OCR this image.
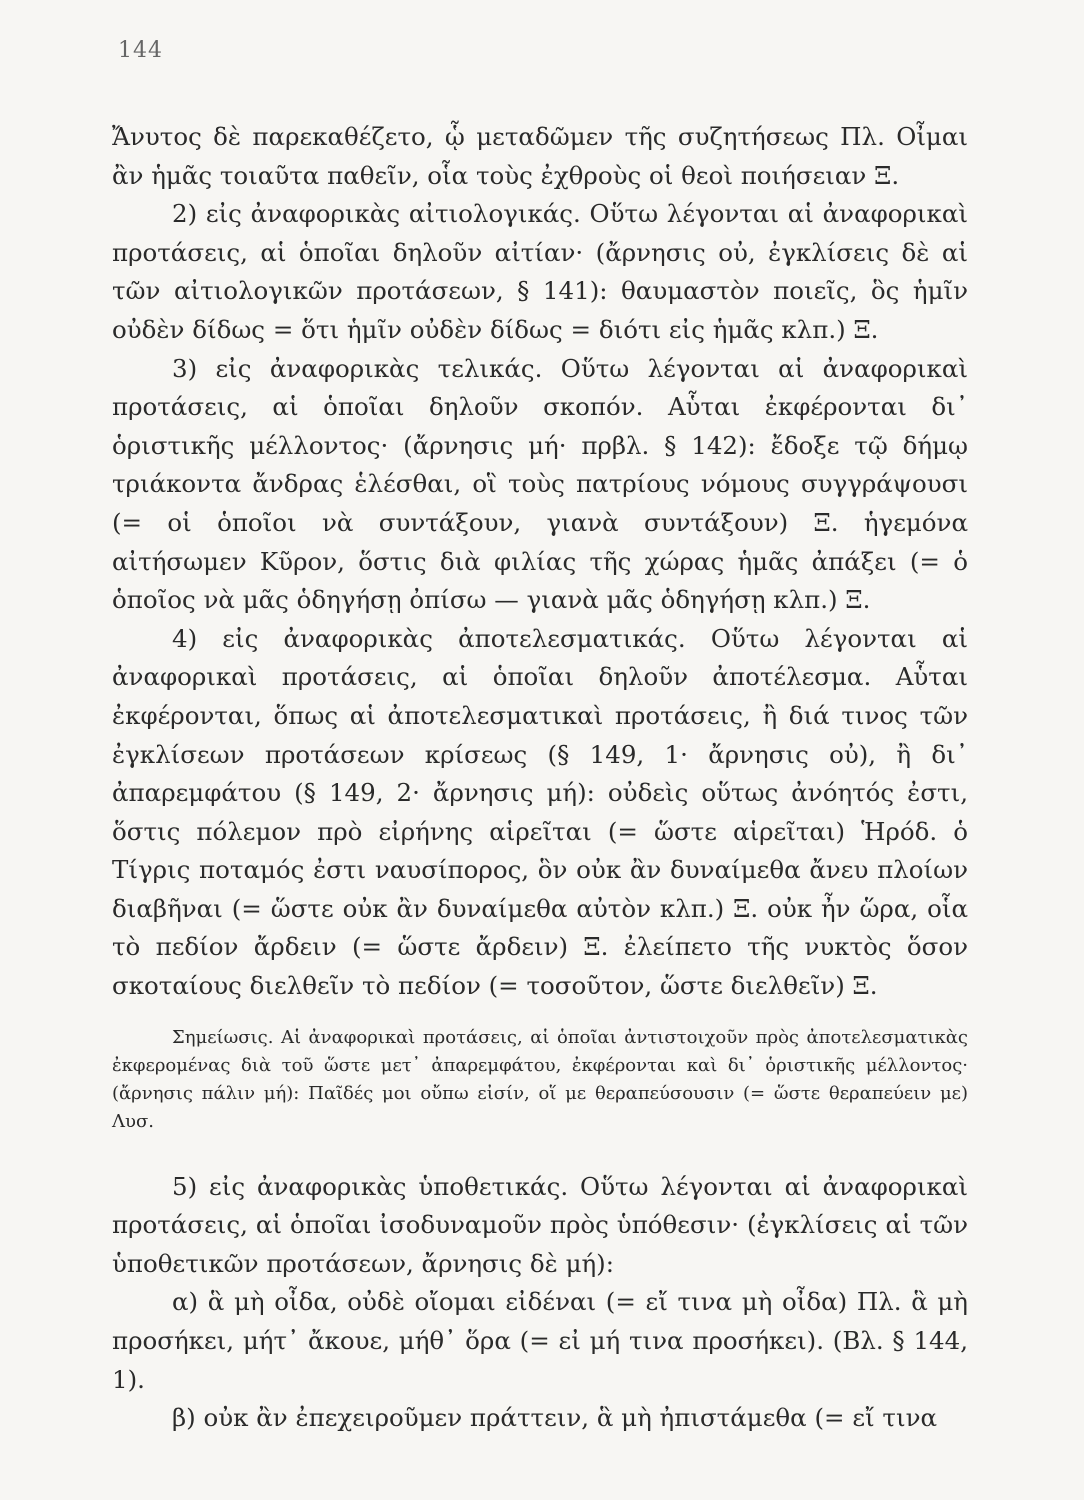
144

Ἄνυτος δὲ παρεκαθέζετο, ᾧ μεταδῶμεν τῆς συζητήσεως Πλ. Οἶμαι ἂν ἡμᾶς τοιαῦτα παθεῖν, οἷα τοὺς ἐχθροὺς οἱ θεοὶ ποιήσειαν Ξ.

2) εἰς ἀναφορικὰς αἰτιολογικάς. Οὕτω λέγονται αἱ ἀναφορικαὶ προτάσεις, αἱ ὁποῖαι δηλοῦν αἰτίαν· (ἄρνησις οὐ, ἐγκλίσεις δὲ αἱ τῶν αἰτιολογικῶν προτάσεων, § 141): θαυμαστὸν ποιεῖς, ὃς ἡμῖν οὐδὲν δίδως = ὅτι ἡμῖν οὐδὲν δίδως = διότι εἰς ἡμᾶς κλπ.) Ξ.

3) εἰς ἀναφορικὰς τελικάς. Οὕτω λέγονται αἱ ἀναφορικαὶ προτάσεις, αἱ ὁποῖαι δηλοῦν σκοπόν. Αὗται ἐκφέρονται δι᾽ ὁριστικῆς μέλλοντος· (ἄρνησις μή· πρβλ. § 142): ἔδοξε τῷ δήμῳ τριάκοντα ἄνδρας ἑλέσθαι, οἳ τοὺς πατρίους νόμους συγγράψουσι (= οἱ ὁποῖοι νὰ συντάξουν, γιανὰ συντάξουν) Ξ. ἡγεμόνα αἰτήσωμεν Κῦρον, ὅστις διὰ φιλίας τῆς χώρας ἡμᾶς ἀπάξει (= ὁ ὁποῖος νὰ μᾶς ὁδηγήσῃ ὀπίσω — γιανὰ μᾶς ὁδηγήσῃ κλπ.) Ξ.

4) εἰς ἀναφορικὰς ἀποτελεσματικάς. Οὕτω λέγονται αἱ ἀναφορικαὶ προτάσεις, αἱ ὁποῖαι δηλοῦν ἀποτέλεσμα. Αὗται ἐκφέρονται, ὅπως αἱ ἀποτελεσματικαὶ προτάσεις, ἢ διά τινος τῶν ἐγκλίσεων προτάσεων κρίσεως (§ 149, 1· ἄρνησις οὐ), ἢ δι᾽ ἀπαρεμφάτου (§ 149, 2· ἄρνησις μή): οὐδεὶς οὕτως ἀνόητός ἐστι, ὅστις πόλεμον πρὸ εἰρήνης αἱρεῖται (= ὥστε αἱρεῖται) Ἡρόδ. ὁ Τίγρις ποταμός ἐστι ναυσίπορος, ὃν οὐκ ἂν δυναίμεθα ἄνευ πλοίων διαβῆναι (= ὥστε οὐκ ἂν δυναίμεθα αὐτὸν κλπ.) Ξ. οὐκ ἦν ὥρα, οἷα τὸ πεδίον ἄρδειν (= ὥστε ἄρδειν) Ξ. ἐλείπετο τῆς νυκτὸς ὅσον σκοταίους διελθεῖν τὸ πεδίον (= τοσοῦτον, ὥστε διελθεῖν) Ξ.

Σημείωσις. Αἱ ἀναφορικαὶ προτάσεις, αἱ ὁποῖαι ἀντιστοιχοῦν πρὸς ἀποτελεσματικὰς ἐκφερομένας διὰ τοῦ ὥστε μετ᾽ ἀπαρεμφάτου, ἐκφέρονται καὶ δι᾽ ὁριστικῆς μέλλοντος· (ἄρνησις πάλιν μή): Παῖδές μοι οὔπω εἰσίν, οἵ με θεραπεύσουσιν (= ὥστε θεραπεύειν με) Λυσ.

5) εἰς ἀναφορικὰς ὑποθετικάς. Οὕτω λέγονται αἱ ἀναφορικαὶ προτάσεις, αἱ ὁποῖαι ἰσοδυναμοῦν πρὸς ὑπόθεσιν· (ἐγκλίσεις αἱ τῶν ὑποθετικῶν προτάσεων, ἄρνησις δὲ μή):

α) ἃ μὴ οἶδα, οὐδὲ οἴομαι εἰδέναι (= εἴ τινα μὴ οἶδα) Πλ. ἃ μὴ προσήκει, μήτ᾽ ἄκουε, μήθ᾽ ὅρα (= εἰ μή τινα προσήκει). (Βλ. § 144, 1).

β) οὐκ ἂν ἐπεχειροῦμεν πράττειν, ἃ μὴ ἠπιστάμεθα (= εἴ τινα
